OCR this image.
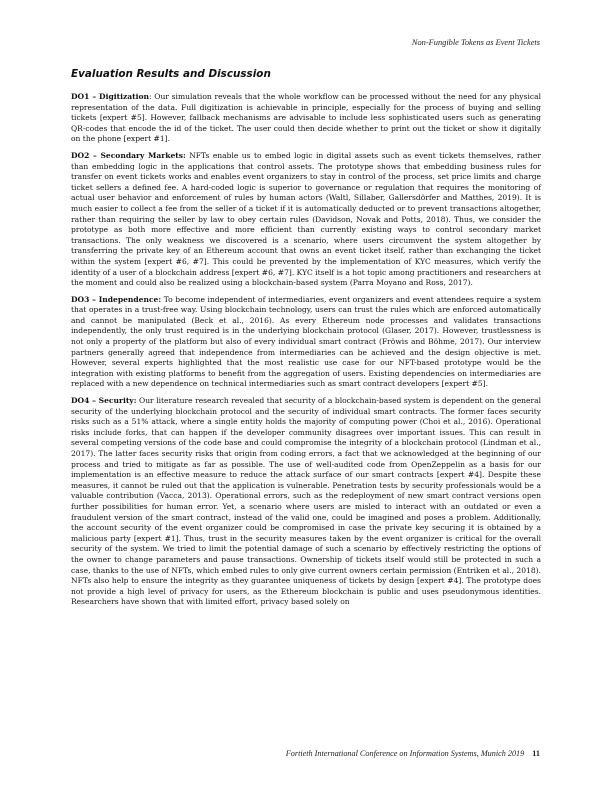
Non-Fungible Tokens as Event Tickets
Evaluation Results and Discussion

DO1 – Digitization: Our simulation reveals that the whole workflow can be processed without the need for any physical representation of the data. Full digitization is achievable in principle, especially for the process of buying and selling tickets [expert #5]. However, fallback mechanisms are advisable to include less sophisticated users such as generating QR-codes that encode the id of the ticket. The user could then decide whether to print out the ticket or show it digitally on the phone [expert #1].

DO2 – Secondary Markets: NFTs enable us to embed logic in digital assets such as event tickets themselves, rather than embedding logic in the applications that control assets. The prototype shows that embedding business rules for transfer on event tickets works and enables event organizers to stay in control of the process, set price limits and charge ticket sellers a defined fee. A hard-coded logic is superior to governance or regulation that requires the monitoring of actual user behavior and enforcement of rules by human actors (Waltl, Sillaber, Gallersdörfer and Matthes, 2019). It is much easier to collect a fee from the seller of a ticket if it is automatically deducted or to prevent transactions altogether, rather than requiring the seller by law to obey certain rules (Davidson, Novak and Potts, 2018). Thus, we consider the prototype as both more effective and more efficient than currently existing ways to control secondary market transactions. The only weakness we discovered is a scenario, where users circumvent the system altogether by transferring the private key of an Ethereum account that owns an event ticket itself, rather than exchanging the ticket within the system [expert #6, #7]. This could be prevented by the implementation of KYC measures, which verify the identity of a user of a blockchain address [expert #6, #7]. KYC itself is a hot topic among practitioners and researchers at the moment and could also be realized using a blockchain-based system (Parra Moyano and Ross, 2017).

DO3 – Independence: To become independent of intermediaries, event organizers and event attendees require a system that operates in a trust-free way. Using blockchain technology, users can trust the rules which are enforced automatically and cannot be manipulated (Beck et al., 2016). As every Ethereum node processes and validates transactions independently, the only trust required is in the underlying blockchain protocol (Glaser, 2017). However, trustlessness is not only a property of the platform but also of every individual smart contract (Fröwis and Böhme, 2017). Our interview partners generally agreed that independence from intermediaries can be achieved and the design objective is met. However, several experts highlighted that the most realistic use case for our NFT-based prototype would be the integration with existing platforms to benefit from the aggregation of users. Existing dependencies on intermediaries are replaced with a new dependence on technical intermediaries such as smart contract developers [expert #5].

DO4 – Security: Our literature research revealed that security of a blockchain-based system is dependent on the general security of the underlying blockchain protocol and the security of individual smart contracts. The former faces security risks such as a 51% attack, where a single entity holds the majority of computing power (Choi et al., 2016). Operational risks include forks, that can happen if the developer community disagrees over important issues. This can result in several competing versions of the code base and could compromise the integrity of a blockchain protocol (Lindman et al., 2017). The latter faces security risks that origin from coding errors, a fact that we acknowledged at the beginning of our process and tried to mitigate as far as possible. The use of well-audited code from OpenZeppelin as a basis for our implementation is an effective measure to reduce the attack surface of our smart contracts [expert #4]. Despite these measures, it cannot be ruled out that the application is vulnerable. Penetration tests by security professionals would be a valuable contribution (Vacca, 2013). Operational errors, such as the redeployment of new smart contract versions open further possibilities for human error. Yet, a scenario where users are misled to interact with an outdated or even a fraudulent version of the smart contract, instead of the valid one, could be imagined and poses a problem. Additionally, the account security of the event organizer could be compromised in case the private key securing it is obtained by a malicious party [expert #1]. Thus, trust in the security measures taken by the event organizer is critical for the overall security of the system. We tried to limit the potential damage of such a scenario by effectively restricting the options of the owner to change parameters and pause transactions. Ownership of tickets itself would still be protected in such a case, thanks to the use of NFTs, which embed rules to only give current owners certain permission (Entriken et al., 2018). NFTs also help to ensure the integrity as they guarantee uniqueness of tickets by design [expert #4]. The prototype does not provide a high level of privacy for users, as the Ethereum blockchain is public and uses pseudonymous identities. Researchers have shown that with limited effort, privacy based solely on

Fortieth International Conference on Information Systems, Munich 2019 11
